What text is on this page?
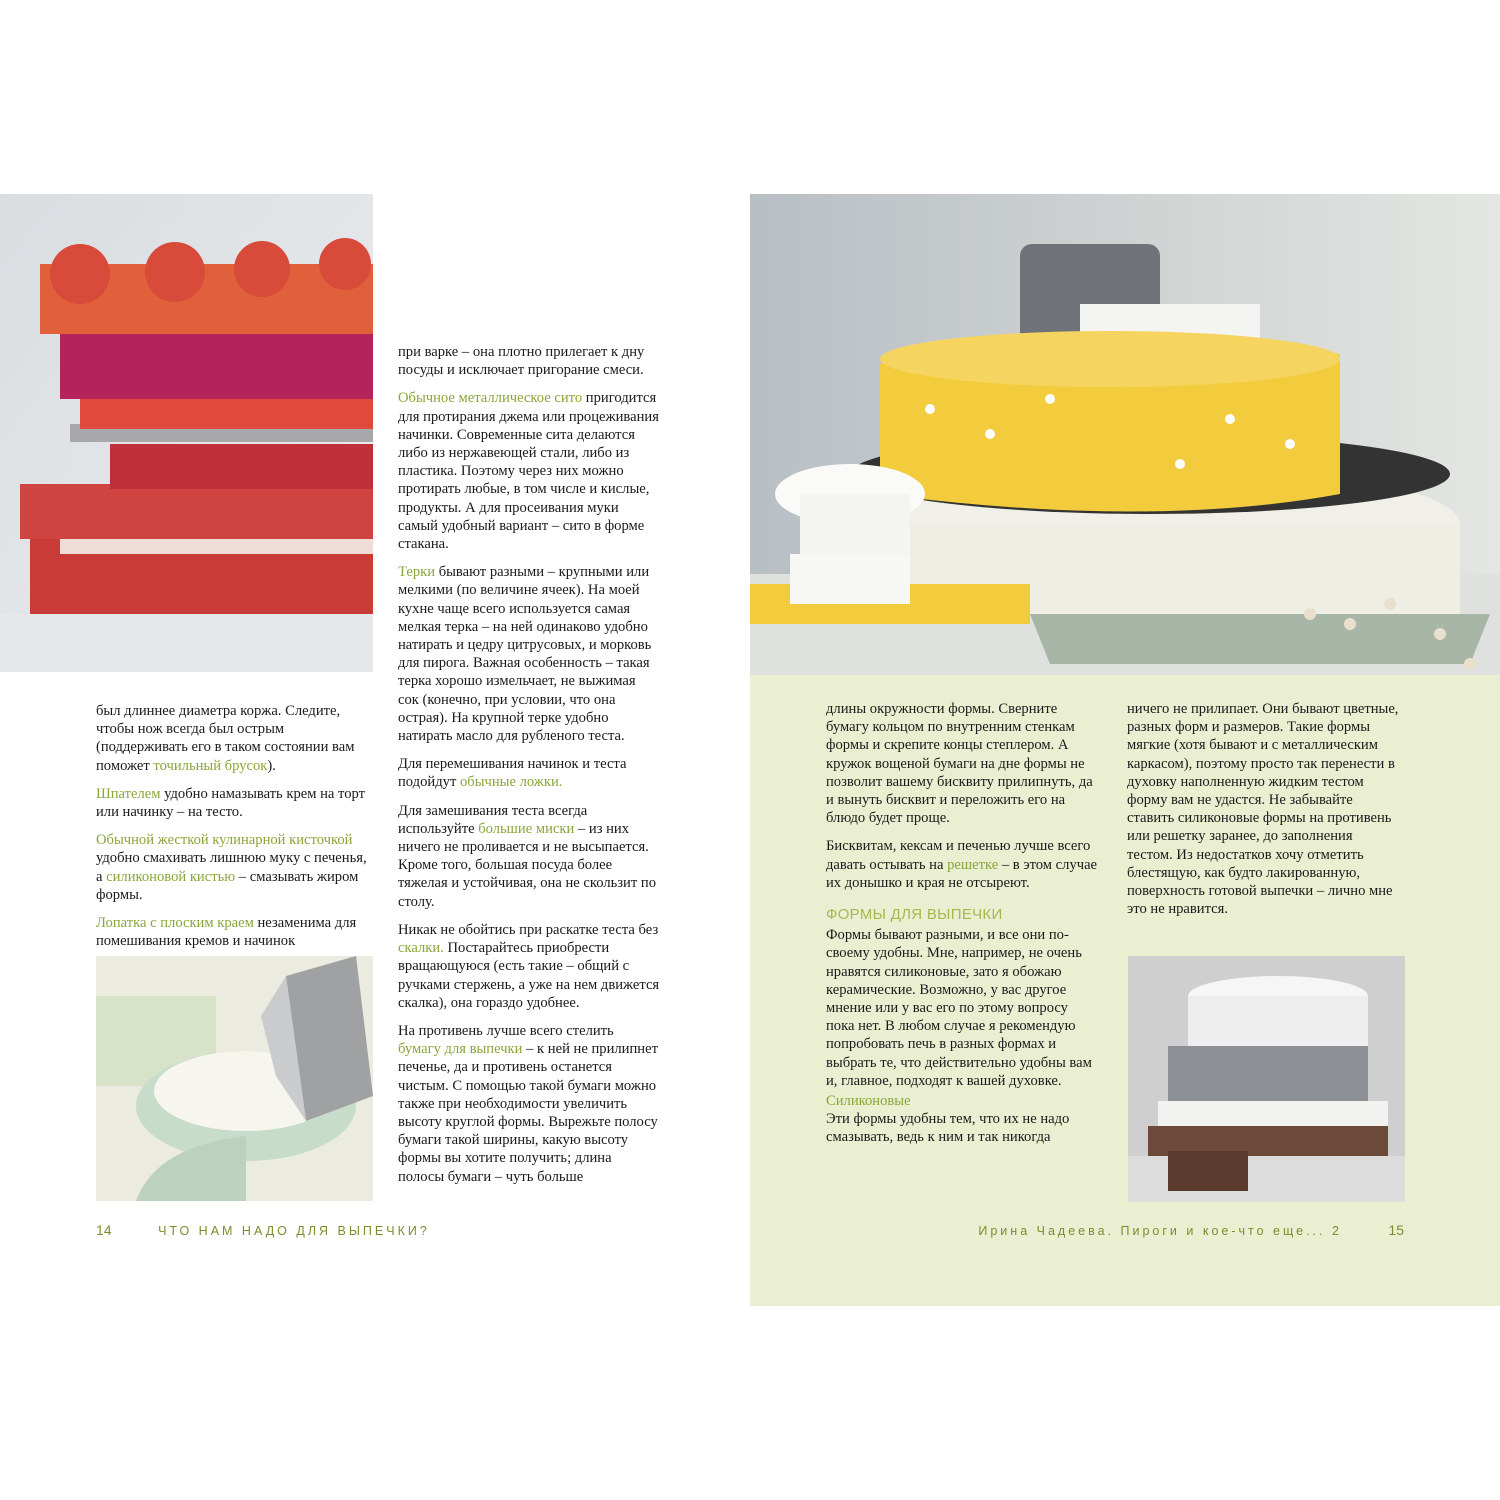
при варке – она плотно прилегает к дну посуды и исключает пригорание смеси.

Обычное металлическое сито пригодится для протирания джема или процеживания начинки. Современные сита делаются либо из нержавеющей стали, либо из пластика. Поэтому через них можно протирать любые, в том числе и кислые, продукты. А для просеивания муки самый удобный вариант – сито в форме стакана.

Терки бывают разными – крупными или мелкими (по величине ячеек). На моей кухне чаще всего используется самая мелкая терка – на ней одинаково удобно натирать и цедру цитрусовых, и морковь для пирога. Важная особенность – такая терка хорошо измельчает, не выжимая сок (конечно, при условии, что она острая). На крупной терке удобно натирать масло для рубленого теста.

Для перемешивания начинок и теста подойдут обычные ложки.

Для замешивания теста всегда используйте большие миски – из них ничего не проливается и не высыпается. Кроме того, большая посуда более тяжелая и устойчивая, она не скользит по столу.

Никак не обойтись при раскатке теста без скалки. Постарайтесь приобрести вращающуюся (есть такие – общий с ручками стержень, а уже на нем движется скалка), она гораздо удобнее.

На противень лучше всего стелить бумагу для выпечки – к ней не прилипнет печенье, да и противень останется чистым. С помощью такой бумаги можно также при необходимости увеличить высоту круглой формы. Вырежьте полосу бумаги такой ширины, какую высоту формы вы хотите получить; длина полосы бумаги – чуть больше

был длиннее диаметра коржа. Следите, чтобы нож всегда был острым (поддерживать его в таком состоянии вам поможет точильный брусок).

Шпателем удобно намазывать крем на торт или начинку – на тесто.

Обычной жесткой кулинарной кисточкой удобно смахивать лишнюю муку с печенья, а силиконовой кистью – смазывать жиром формы.

Лопатка с плоским краем незаменима для помешивания кремов и начинок

длины окружности формы. Сверните бумагу кольцом по внутренним стенкам формы и скрепите концы степлером. А кружок вощеной бумаги на дне формы не позволит вашему бисквиту прилипнуть, да и вынуть бисквит и переложить его на блюдо будет проще.

Бисквитам, кексам и печенью лучше всего давать остывать на решетке – в этом случае их донышко и края не отсыреют.

ФОРМЫ ДЛЯ ВЫПЕЧКИ

Формы бывают разными, и все они по-своему удобны. Мне, например, не очень нравятся силиконовые, зато я обожаю керамические. Возможно, у вас другое мнение или у вас его по этому вопросу пока нет. В любом случае я рекомендую попробовать печь в разных формах и выбрать те, что действительно удобны вам и, главное, подходят к вашей духовке.

Силиконовые

Эти формы удобны тем, что их не надо смазывать, ведь к ним и так никогда

ничего не прилипает. Они бывают цветные, разных форм и размеров. Такие формы мягкие (хотя бывают и с металлическим каркасом), поэтому просто так перенести в духовку наполненную жидким тестом форму вам не удастся. Не забывайте ставить силиконовые формы на противень или решетку заранее, до заполнения тестом. Из недостатков хочу отметить блестящую, как будто лакированную, поверхность готовой выпечки – лично мне это не нравится.

14	ЧТО НАМ НАДО ДЛЯ ВЫПЕЧКИ?	Ирина Чадеева. Пироги и кое-что еще... 2	15
